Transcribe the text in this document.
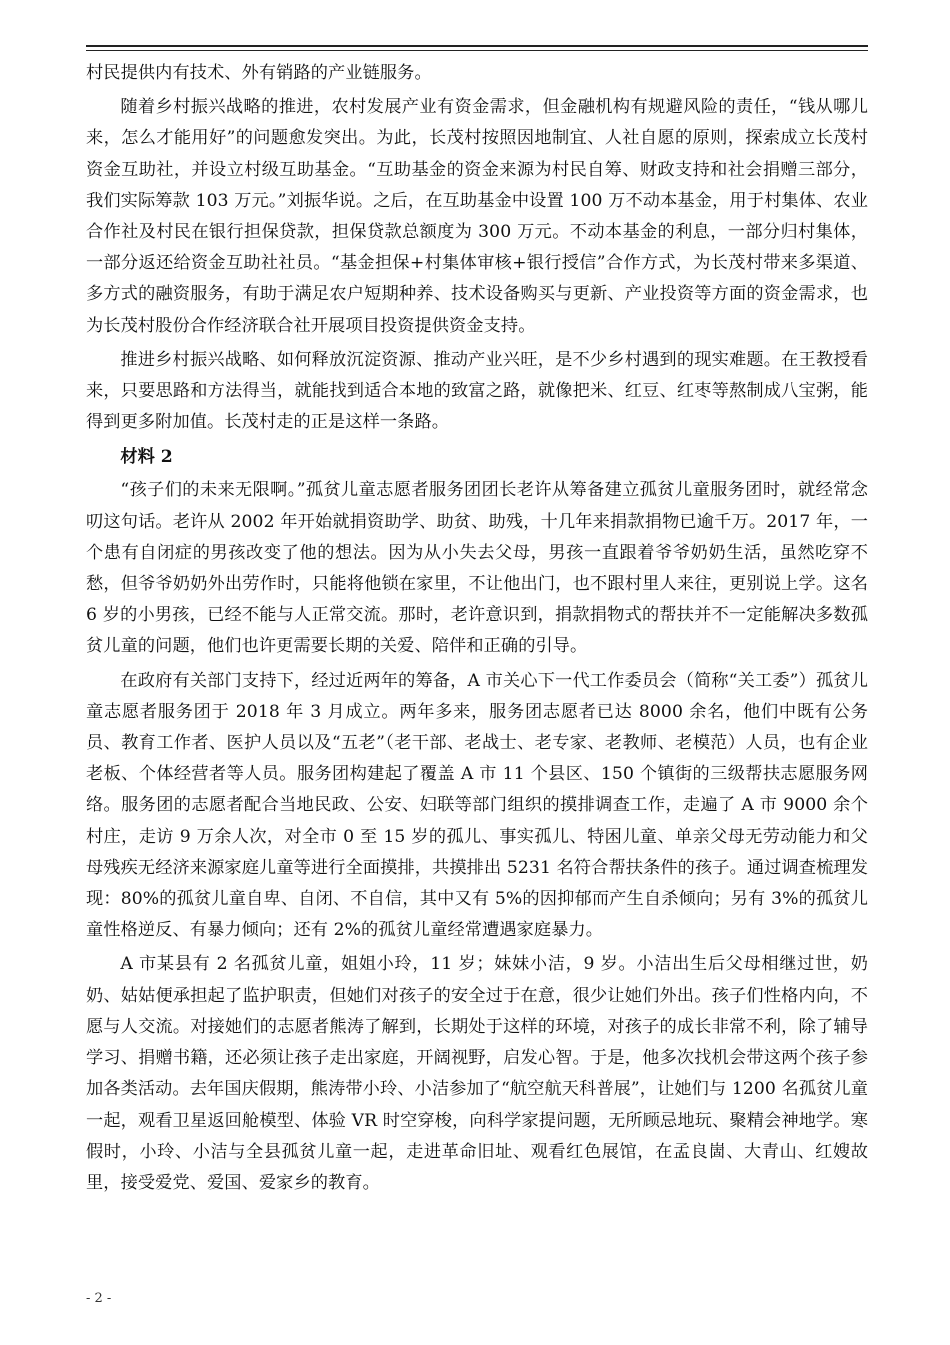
村民提供内有技术、外有销路的产业链服务。

随着乡村振兴战略的推进，农村发展产业有资金需求，但金融机构有规避风险的责任，“钱从哪儿来，怎么才能用好”的问题愈发突出。为此，长茂村按照因地制宜、人社自愿的原则，探索成立长茂村资金互助社，并设立村级互助基金。“互助基金的资金来源为村民自筹、财政支持和社会捐赠三部分，我们实际筹款 103 万元。”刘振华说。之后，在互助基金中设置 100 万不动本基金，用于村集体、农业合作社及村民在银行担保贷款，担保贷款总额度为 300 万元。不动本基金的利息，一部分归村集体，一部分返还给资金互助社社员。“基金担保+村集体审核+银行授信”合作方式，为长茂村带来多渠道、多方式的融资服务，有助于满足农户短期种养、技术设备购买与更新、产业投资等方面的资金需求，也为长茂村股份合作经济联合社开展项目投资提供资金支持。

推进乡村振兴战略、如何释放沉淀资源、推动产业兴旺，是不少乡村遇到的现实难题。在王教授看来，只要思路和方法得当，就能找到适合本地的致富之路，就像把米、红豆、红枣等熬制成八宝粥，能得到更多附加值。长茂村走的正是这样一条路。

材料 2

“孩子们的未来无限啊。”孤贫儿童志愿者服务团团长老许从筹备建立孤贫儿童服务团时，就经常念叨这句话。老许从 2002 年开始就捐资助学、助贫、助残，十几年来捐款捐物已逾千万。2017 年，一个患有自闭症的男孩改变了他的想法。因为从小失去父母，男孩一直跟着爷爷奶奶生活，虽然吃穿不愁，但爷爷奶奶外出劳作时，只能将他锁在家里，不让他出门，也不跟村里人来往，更别说上学。这名 6 岁的小男孩，已经不能与人正常交流。那时，老许意识到，捐款捐物式的帮扶并不一定能解决多数孤贫儿童的问题，他们也许更需要长期的关爱、陪伴和正确的引导。

在政府有关部门支持下，经过近两年的筹备，A 市关心下一代工作委员会（简称“关工委”）孤贫儿童志愿者服务团于 2018 年 3 月成立。两年多来，服务团志愿者已达 8000 余名，他们中既有公务员、教育工作者、医护人员以及“五老”（老干部、老战士、老专家、老教师、老模范）人员，也有企业老板、个体经营者等人员。服务团构建起了覆盖 A 市 11 个县区、150 个镇街的三级帮扶志愿服务网络。服务团的志愿者配合当地民政、公安、妇联等部门组织的摸排调查工作，走遍了 A 市 9000 余个村庄，走访 9 万余人次，对全市 0 至 15 岁的孤儿、事实孤儿、特困儿童、单亲父母无劳动能力和父母残疾无经济来源家庭儿童等进行全面摸排，共摸排出 5231 名符合帮扶条件的孩子。通过调查梳理发现：80%的孤贫儿童自卑、自闭、不自信，其中又有 5%的因抑郁而产生自杀倾向；另有 3%的孤贫儿童性格逆反、有暴力倾向；还有 2%的孤贫儿童经常遭遇家庭暴力。

A 市某县有 2 名孤贫儿童，姐姐小玲，11 岁；妹妹小洁，9 岁。小洁出生后父母相继过世，奶奶、姑姑便承担起了监护职责，但她们对孩子的安全过于在意，很少让她们外出。孩子们性格内向，不愿与人交流。对接她们的志愿者熊涛了解到，长期处于这样的环境，对孩子的成长非常不利，除了辅导学习、捐赠书籍，还必须让孩子走出家庭，开阔视野，启发心智。于是，他多次找机会带这两个孩子参加各类活动。去年国庆假期，熊涛带小玲、小洁参加了“航空航天科普展”，让她们与 1200 名孤贫儿童一起，观看卫星返回舱模型、体验 VR 时空穿梭，向科学家提问题，无所顾忌地玩、聚精会神地学。寒假时，小玲、小洁与全县孤贫儿童一起，走进革命旧址、观看红色展馆，在孟良崮、大青山、红嫂故里，接受爱党、爱国、爱家乡的教育。

- 2 -
